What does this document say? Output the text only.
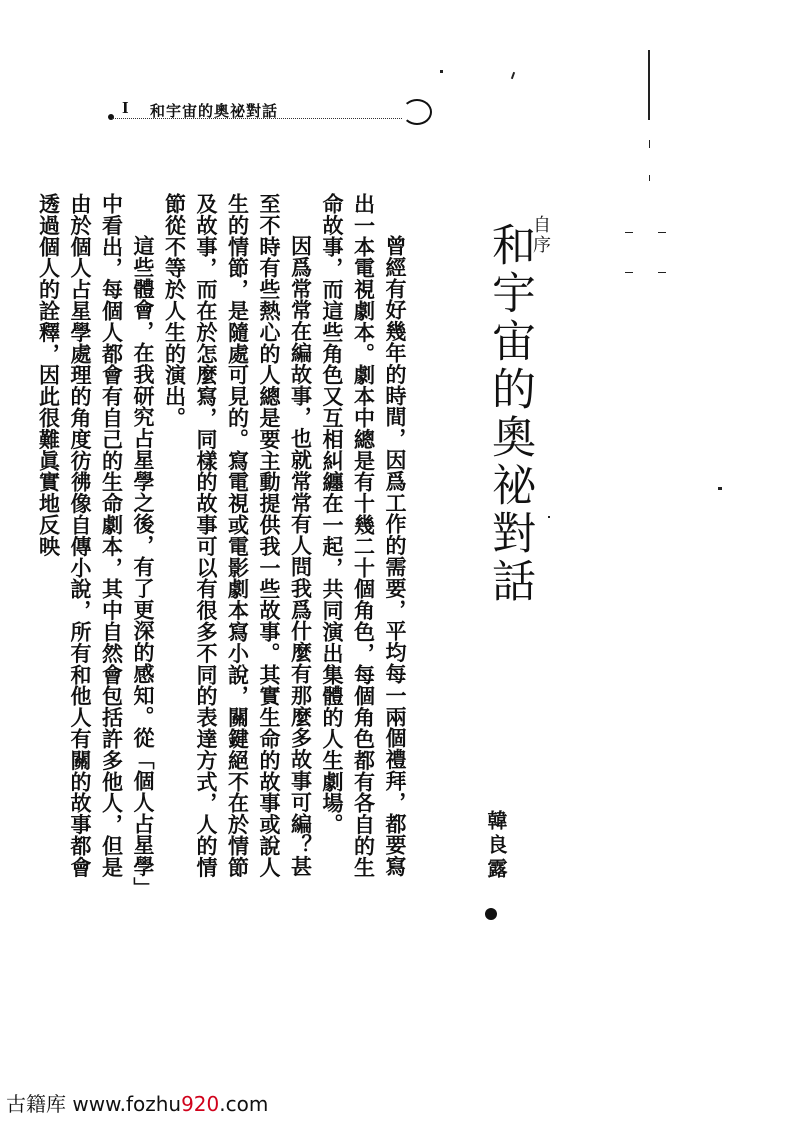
I 和宇宙的奧祕對話

曾經有好幾年的時間，因爲工作的需要，平均每一兩個禮拜，都要寫出一本電視劇本。劇本中總是有十幾二十個角色，每個角色都有各自的生命故事，而這些角色又互相糾纏在一起，共同演出集體的人生劇場。

因爲常常在編故事，也就常常有人問我爲什麼有那麼多故事可編？甚至不時有些熱心的人總是要主動提供我一些故事。其實生命的故事或說人生的情節，是隨處可見的。寫電視或電影劇本寫小說，關鍵絕不在於情節及故事，而在於怎麼寫，同樣的故事可以有很多不同的表達方式，人的情節從不等於人生的演出。

這些體會，在我研究占星學之後，有了更深的感知。從「個人占星學」中看出，每個人都會有自己的生命劇本，其中自然會包括許多他人，但是由於個人占星學處理的角度彷彿像自傳小說，所有和他人有關的故事都會透過個人的詮釋，因此很難眞實地反映	自序
和宇宙的奧祕對話
韓良露
古籍库 www.fozhu920.com
